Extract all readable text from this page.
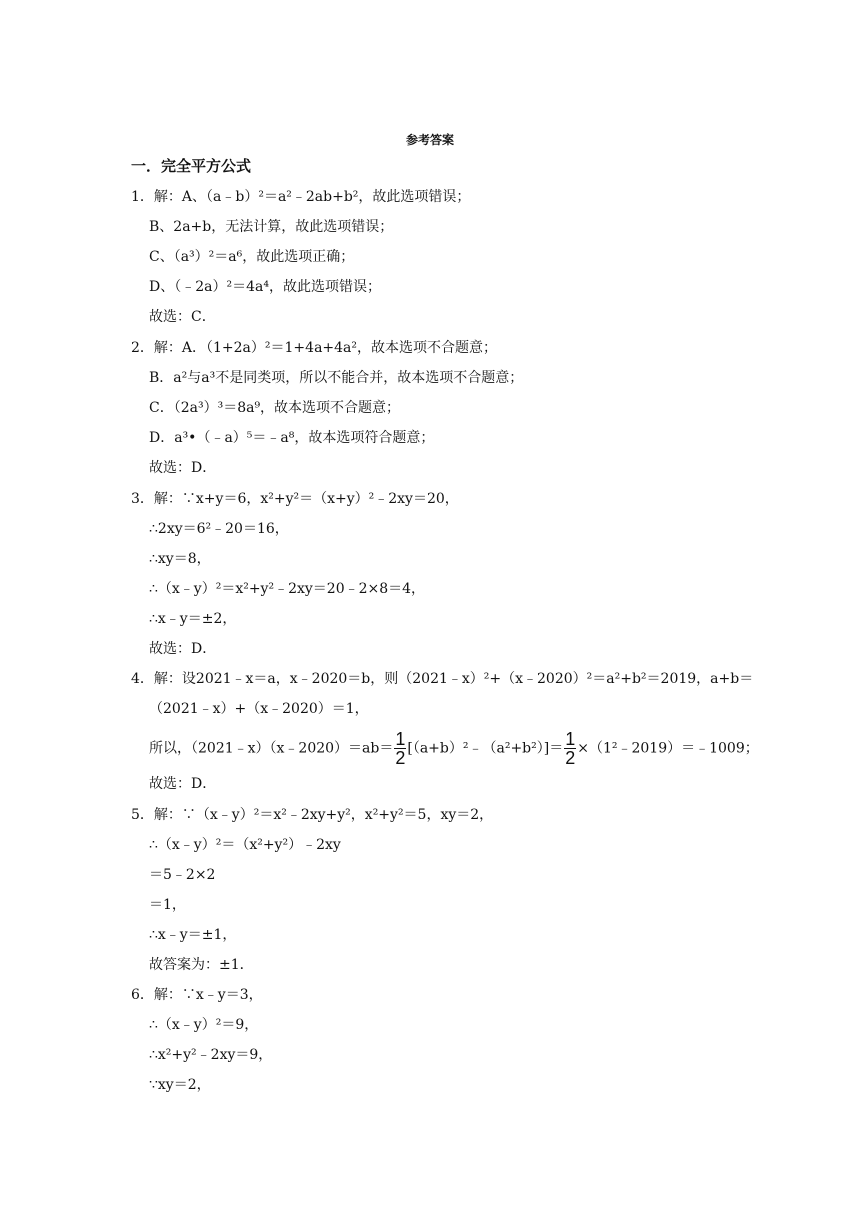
参考答案
一．完全平方公式
1．解：A、（a﹣b）²＝a²﹣2ab+b²，故此选项错误；
B、2a+b，无法计算，故此选项错误；
C、（a³）²＝a⁶，故此选项正确；
D、（﹣2a）²＝4a⁴，故此选项错误；
故选：C．
2．解：A．（1+2a）²＝1+4a+4a²，故本选项不合题意；
B．a²与a³不是同类项，所以不能合并，故本选项不合题意；
C．（2a³）³＝8a⁹，故本选项不合题意；
D．a³•（﹣a）⁵＝﹣a⁸，故本选项符合题意；
故选：D．
3．解：∵x+y＝6，x²+y²＝（x+y）²﹣2xy＝20，
∴2xy＝6²﹣20＝16，
∴xy＝8，
∴（x﹣y）²＝x²+y²﹣2xy＝20﹣2×8＝4，
∴x﹣y＝±2，
故选：D．
4．解：设2021﹣x＝a，x﹣2020＝b，则（2021﹣x）²+（x﹣2020）²＝a²+b²＝2019，a+b＝
（2021﹣x）+（x﹣2020）＝1，
所以，（2021﹣x）（x﹣2020）＝ab＝ $\frac{1}{2}$ [（a+b）²﹣（a²+b²）]＝ $\frac{1}{2}$ ×（1²﹣2019）＝﹣1009；
故选：D．
5．解：∵（x﹣y）²＝x²﹣2xy+y²，x²+y²＝5，xy＝2，
∴（x﹣y）²＝（x²+y²）﹣2xy
＝5﹣2×2
＝1，
∴x﹣y＝±1，
故答案为：±1．
6．解：∵x﹣y＝3，
∴（x﹣y）²＝9，
∴x²+y²﹣2xy＝9，
∵xy＝2，
